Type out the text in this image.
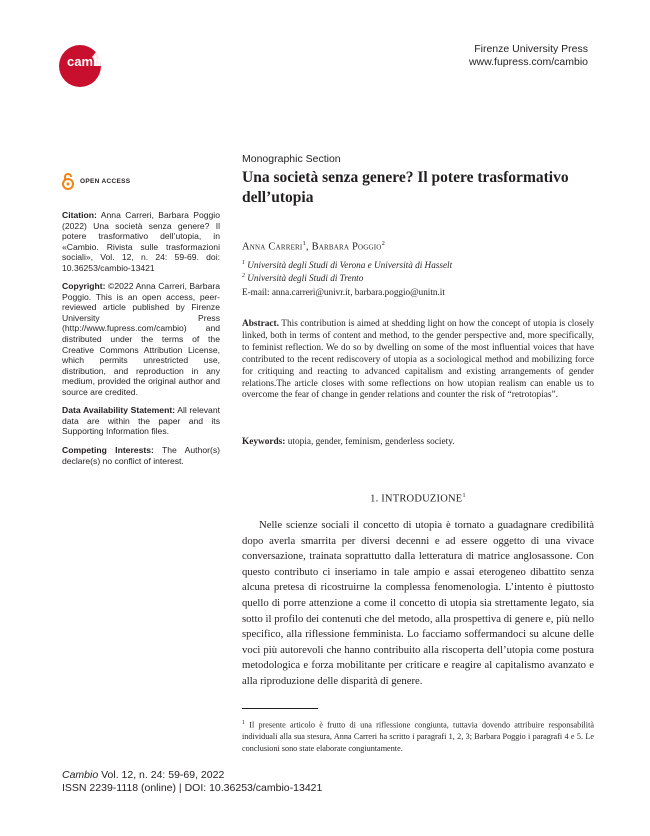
cambio
Firenze University Press
www.fupress.com/cambio
OPEN ACCESS
Citation: Anna Carreri, Barbara Poggio (2022) Una società senza genere? Il potere trasformativo dell’utopia, in «Cambio. Rivista sulle trasformazioni sociali», Vol. 12, n. 24: 59-69. doi: 10.36253/cambio-13421
Copyright: ©2022 Anna Carreri, Barbara Poggio. This is an open access, peer-reviewed article published by Firenze University Press (http://www.fupress.com/cambio) and distributed under the terms of the Creative Commons Attribution License, which permits unrestricted use, distribution, and reproduction in any medium, provided the original author and source are credited.
Data Availability Statement: All relevant data are within the paper and its Supporting Information files.
Competing Interests: The Author(s) declare(s) no conflict of interest.
Monographic Section
Una società senza genere? Il potere trasformativo dell’utopia
Anna Carreri$^1$, Barbara Poggio$^2$
$^1$ Università degli Studi di Verona e Università di Hasselt
$^2$ Università degli Studi di Trento
E-mail: anna.carreri@univr.it, barbara.poggio@unitn.it
Abstract. This contribution is aimed at shedding light on how the concept of utopia is closely linked, both in terms of content and method, to the gender perspective and, more specifically, to feminist reflection. We do so by dwelling on some of the most influential voices that have contributed to the recent rediscovery of utopia as a sociological method and mobilizing force for critiquing and reacting to advanced capitalism and existing arrangements of gender relations.The article closes with some reflections on how utopian realism can enable us to overcome the fear of change in gender relations and counter the risk of “retrotopias”.
Keywords: utopia, gender, feminism, genderless society.
1. INTRODUZIONE$^1$
Nelle scienze sociali il concetto di utopia è tornato a guadagnare credibilità dopo averla smarrita per diversi decenni e ad essere oggetto di una vivace conversazione, trainata soprattutto dalla letteratura di matrice anglosassone. Con questo contributo ci inseriamo in tale ampio e assai eterogeneo dibattito senza alcuna pretesa di ricostruirne la complessa fenomenologia. L’intento è piuttosto quello di porre attenzione a come il concetto di utopia sia strettamente legato, sia sotto il profilo dei contenuti che del metodo, alla prospettiva di genere e, più nello specifico, alla riflessione femminista. Lo facciamo soffermandoci su alcune delle voci più autorevoli che hanno contribuito alla riscoperta dell’utopia come postura metodologica e forza mobilitante per criticare e reagire al capitalismo avanzato e alla riproduzione delle disparità di genere.
$^1$ Il presente articolo è frutto di una riflessione congiunta, tuttavia dovendo attribuire responsabilità individuali alla sua stesura, Anna Carreri ha scritto i paragrafi 1, 2, 3; Barbara Poggio i paragrafi 4 e 5. Le conclusioni sono state elaborate congiuntamente.
Cambio Vol. 12, n. 24: 59-69, 2022
ISSN 2239-1118 (online) | DOI: 10.36253/cambio-13421
